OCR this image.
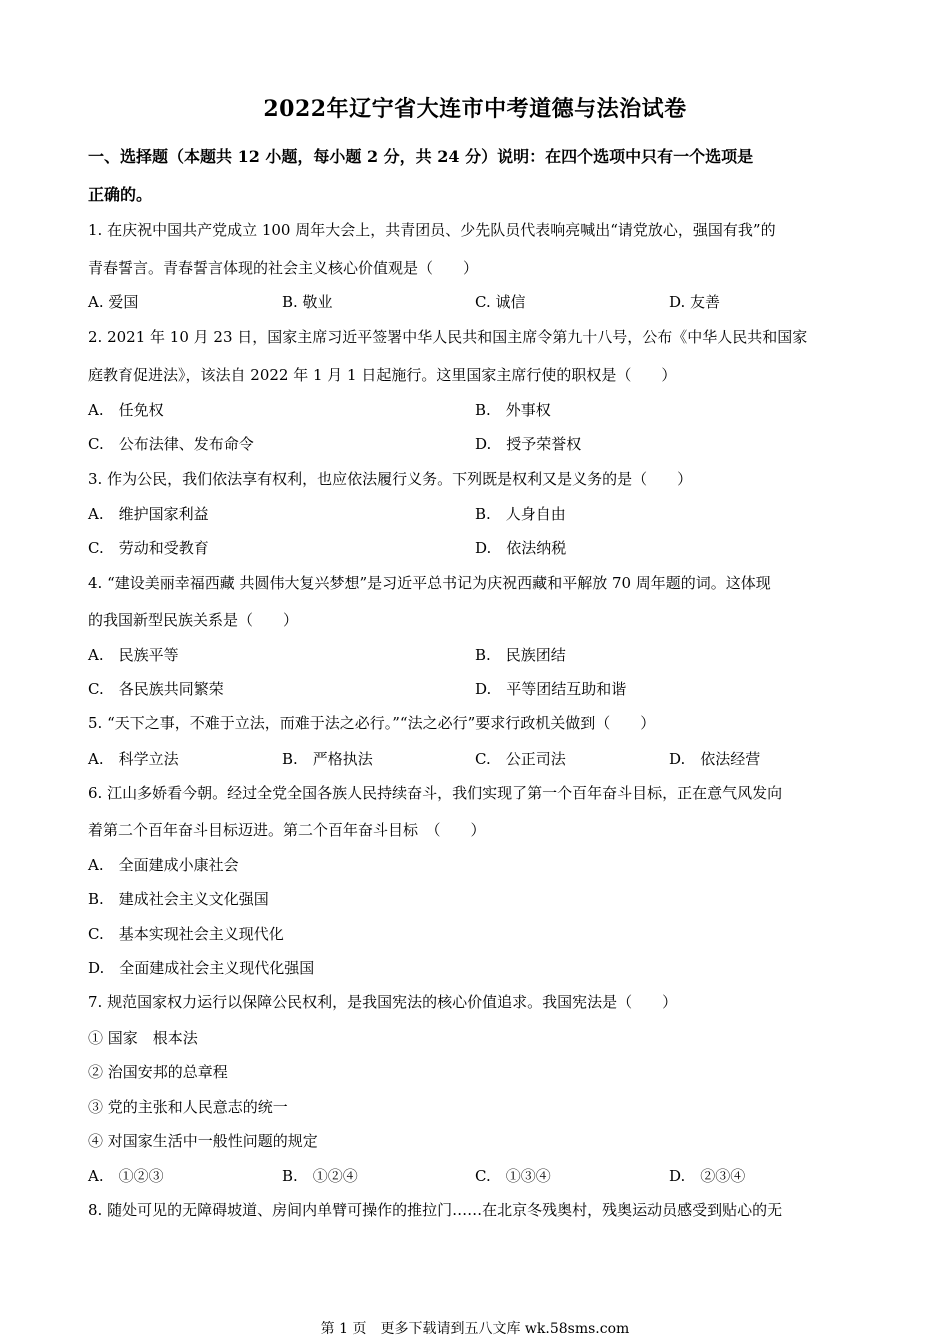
2022年辽宁省大连市中考道德与法治试卷
一、选择题（本题共 12 小题，每小题 2 分，共 24 分）说明：在四个选项中只有一个选项是
正确的。
1. 在庆祝中国共产党成立 100 周年大会上，共青团员、少先队员代表响亮喊出“请党放心，强国有我”的
青春誓言。青春誓言体现的社会主义核心价值观是（　　）
A. 爱国	B. 敬业	C. 诚信	D. 友善
2. 2021 年 10 月 23 日，国家主席习近平签署中华人民共和国主席令第九十八号，公布《中华人民共和国家
庭教育促进法》，该法自 2022 年 1 月 1 日起施行。这里国家主席行使的职权是（　　）
A.　任免权	B.　外事权
C.　公布法律、发布命令	D.　授予荣誉权
3. 作为公民，我们依法享有权利，也应依法履行义务。下列既是权利又是义务的是（　　）
A.　维护国家利益	B.　人身自由
C.　劳动和受教育	D.　依法纳税
4. “建设美丽幸福西藏 共圆伟大复兴梦想”是习近平总书记为庆祝西藏和平解放 70 周年题的词。这体现
的我国新型民族关系是（　　）
A.　民族平等	B.　民族团结
C.　各民族共同繁荣	D.　平等团结互助和谐
5. “天下之事，不难于立法，而难于法之必行。”“法之必行”要求行政机关做到（　　）
A.　科学立法	B.　严格执法	C.　公正司法	D.　依法经营
6. 江山多娇看今朝。经过全党全国各族人民持续奋斗，我们实现了第一个百年奋斗目标，正在意气风发向
着第二个百年奋斗目标迈进。第二个百年奋斗目标　（　　）
A.　全面建成小康社会
B.　建成社会主义文化强国
C.　基本实现社会主义现代化
D.　全面建成社会主义现代化强国
7. 规范国家权力运行以保障公民权利，是我国宪法的核心价值追求。我国宪法是（　　）
① 国家　根本法
② 治国安邦的总章程
③ 党的主张和人民意志的统一
④ 对国家生活中一般性问题的规定
A.　①②③	B.　①②④	C.　①③④	D.　②③④
8. 随处可见的无障碍坡道、房间内单臂可操作的推拉门……在北京冬残奥村，残奥运动员感受到贴心的无
第 1 页　更多下载请到五八文库 wk.58sms.com
